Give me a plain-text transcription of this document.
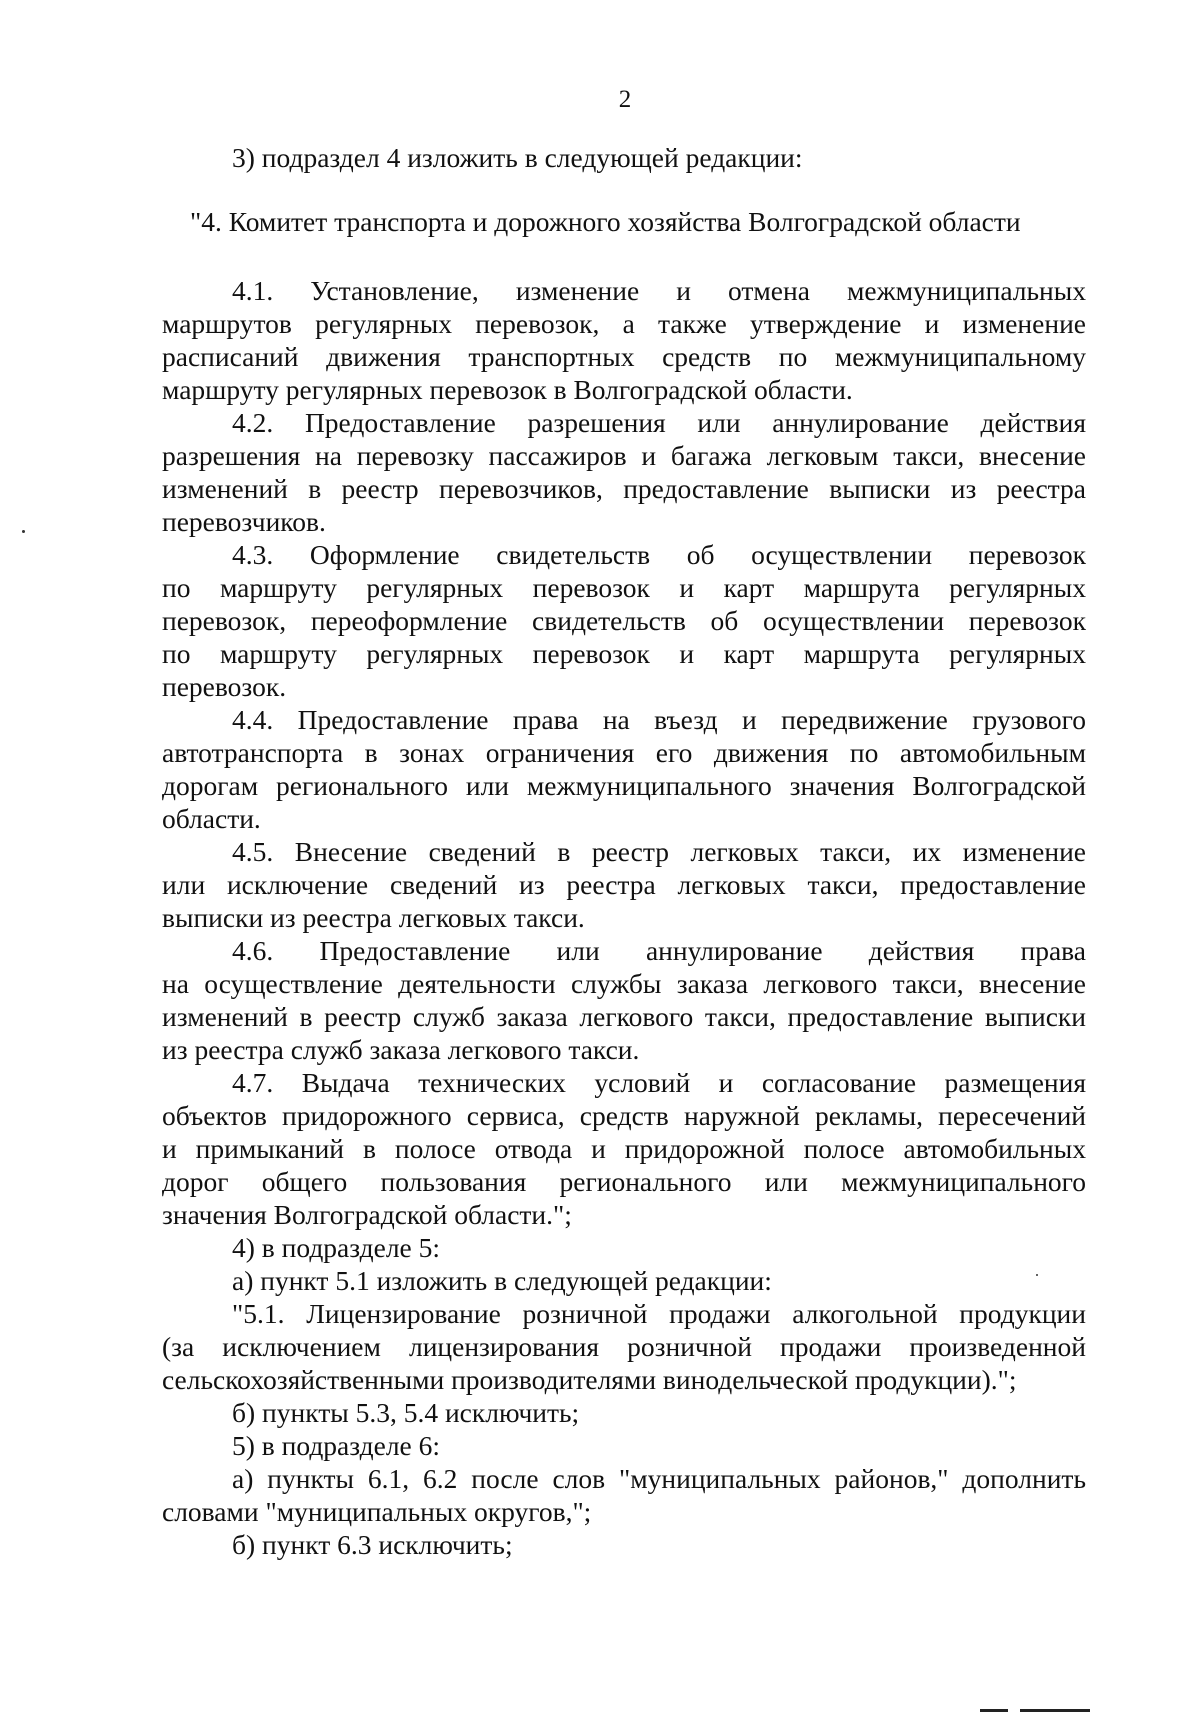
2
3) подраздел 4 изложить в следующей редакции:
"4. Комитет транспорта и дорожного хозяйства Волгоградской области
4.1. Установление, изменение и отмена межмуниципальных
маршрутов регулярных перевозок, а также утверждение и изменение
расписаний движения транспортных средств по межмуниципальному
маршруту регулярных перевозок в Волгоградской области.
4.2. Предоставление разрешения или аннулирование действия
разрешения на перевозку пассажиров и багажа легковым такси, внесение
изменений в реестр перевозчиков, предоставление выписки из реестра
перевозчиков.
4.3. Оформление свидетельств об осуществлении перевозок
по маршруту регулярных перевозок и карт маршрута регулярных
перевозок, переоформление свидетельств об осуществлении перевозок
по маршруту регулярных перевозок и карт маршрута регулярных
перевозок.
4.4. Предоставление права на въезд и передвижение грузового
автотранспорта в зонах ограничения его движения по автомобильным
дорогам регионального или межмуниципального значения Волгоградской
области.
4.5. Внесение сведений в реестр легковых такси, их изменение
или исключение сведений из реестра легковых такси, предоставление
выписки из реестра легковых такси.
4.6. Предоставление или аннулирование действия права
на осуществление деятельности службы заказа легкового такси, внесение
изменений в реестр служб заказа легкового такси, предоставление выписки
из реестра служб заказа легкового такси.
4.7. Выдача технических условий и согласование размещения
объектов придорожного сервиса, средств наружной рекламы, пересечений
и примыканий в полосе отвода и придорожной полосе автомобильных
дорог общего пользования регионального или межмуниципального
значения Волгоградской области.";
4) в подразделе 5:
а) пункт 5.1 изложить в следующей редакции:
"5.1. Лицензирование розничной продажи алкогольной продукции
(за исключением лицензирования розничной продажи произведенной
сельскохозяйственными производителями винодельческой продукции).";
б) пункты 5.3, 5.4 исключить;
5) в подразделе 6:
а) пункты 6.1, 6.2 после слов "муниципальных районов," дополнить
словами "муниципальных округов,";
б) пункт 6.3 исключить;
